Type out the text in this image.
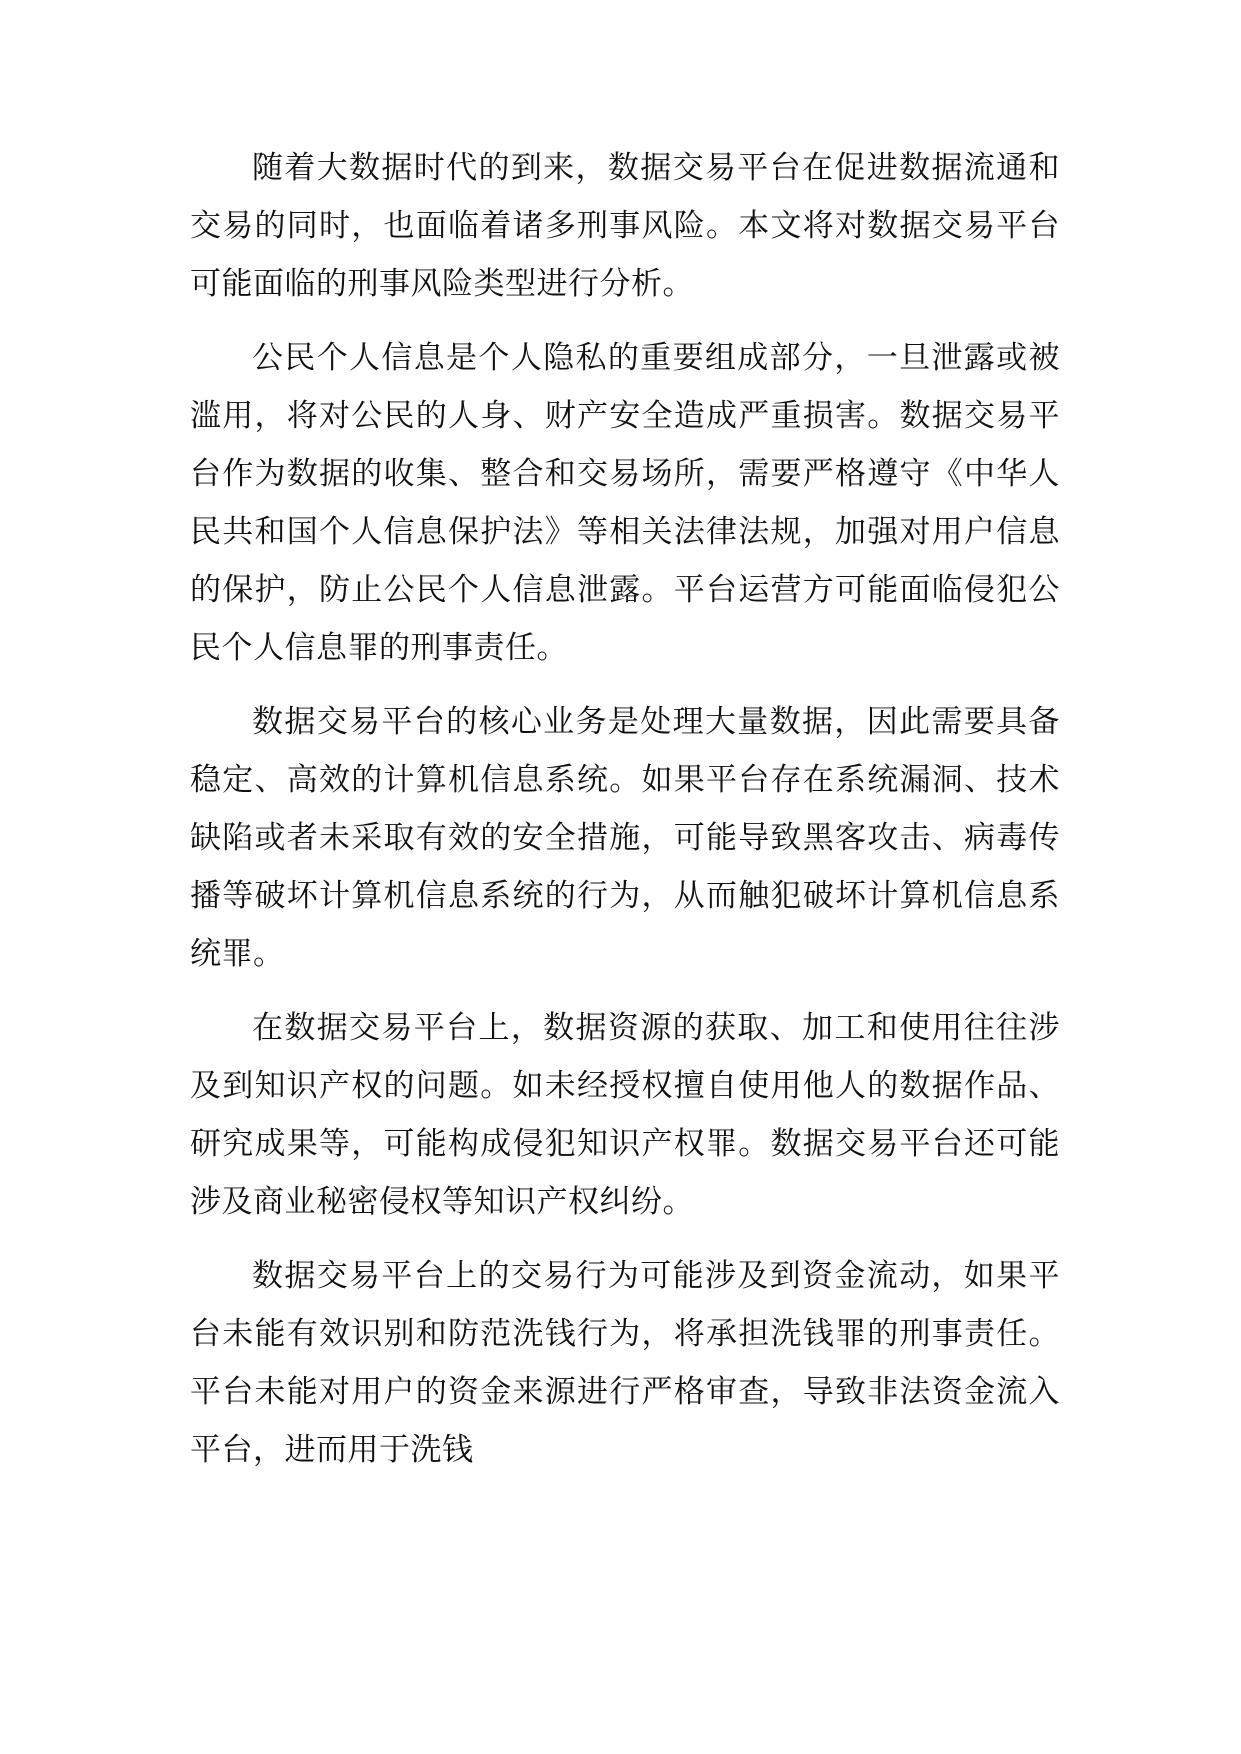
随着大数据时代的到来，数据交易平台在促进数据流通和交易的同时，也面临着诸多刑事风险。本文将对数据交易平台可能面临的刑事风险类型进行分析。

公民个人信息是个人隐私的重要组成部分，一旦泄露或被滥用，将对公民的人身、财产安全造成严重损害。数据交易平台作为数据的收集、整合和交易场所，需要严格遵守《中华人民共和国个人信息保护法》等相关法律法规，加强对用户信息的保护，防止公民个人信息泄露。平台运营方可能面临侵犯公民个人信息罪的刑事责任。

数据交易平台的核心业务是处理大量数据，因此需要具备稳定、高效的计算机信息系统。如果平台存在系统漏洞、技术缺陷或者未采取有效的安全措施，可能导致黑客攻击、病毒传播等破坏计算机信息系统的行为，从而触犯破坏计算机信息系统罪。

在数据交易平台上，数据资源的获取、加工和使用往往涉及到知识产权的问题。如未经授权擅自使用他人的数据作品、研究成果等，可能构成侵犯知识产权罪。数据交易平台还可能涉及商业秘密侵权等知识产权纠纷。

数据交易平台上的交易行为可能涉及到资金流动，如果平台未能有效识别和防范洗钱行为，将承担洗钱罪的刑事责任。平台未能对用户的资金来源进行严格审查，导致非法资金流入平台，进而用于洗钱
